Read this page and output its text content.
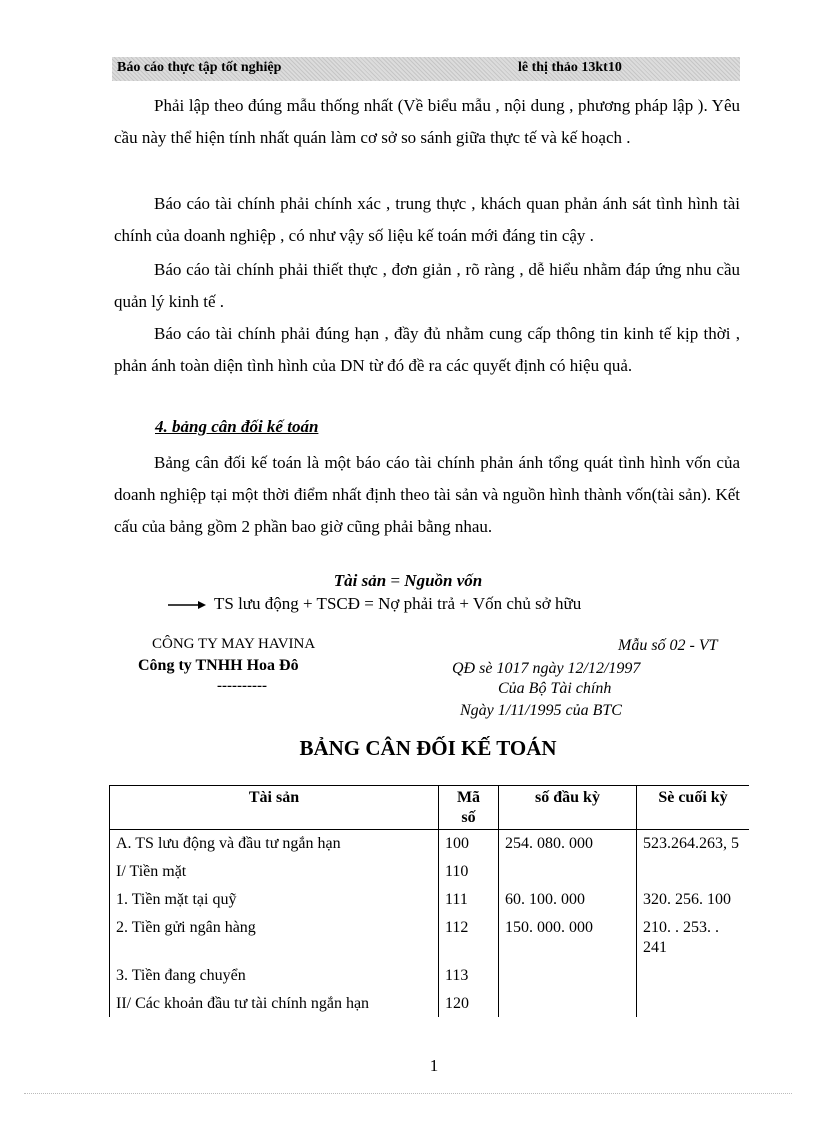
Báo cáo thực tập tốt nghiệp	lê thị thảo 13kt10

Phải lập theo đúng mẫu thống nhất (Về biểu mẫu , nội dung , phương pháp lập ). Yêu cầu này thể hiện tính nhất quán làm cơ sở so sánh giữa thực tế và kế hoạch .

Báo cáo tài chính phải chính xác , trung thực , khách quan phản ánh sát tình hình tài chính của doanh nghiệp , có như vậy số liệu kế toán mới đáng tin cậy .

Báo cáo tài chính phải thiết thực , đơn giản , rõ ràng , dễ hiểu nhằm đáp ứng nhu cầu quản lý kinh tế .

Báo cáo tài chính phải đúng hạn , đầy đủ nhằm cung cấp thông tin kinh tế kịp thời , phản ánh toàn diện tình hình của DN từ đó đề ra các quyết định có hiệu quả.

4. bảng cân đối kế toán

Bảng cân đối kế toán là một báo cáo tài chính phản ánh tổng quát tình hình vốn của doanh nghiệp tại một thời điểm nhất định theo tài sản và nguồn hình thành vốn(tài sản). Kết cấu của bảng gồm 2 phần bao giờ cũng phải bằng nhau.

Tài sản = Nguồn vốn
TS lưu động + TSCĐ = Nợ phải trả + Vốn chủ sở hữu
CÔNG TY MAY HAVINA
Công ty TNHH Hoa Đô
----------
Mẫu số 02 - VT
QĐ sè 1017 ngày 12/12/1997
Của Bộ Tài chính
Ngày 1/11/1995 của BTC
BẢNG CÂN ĐỐI KẾ TOÁN
Tài sản	Mã số	số đầu kỳ	Sè cuối kỳ
A. TS lưu động và đầu tư ngắn hạn	100	254. 080. 000	523.264.263, 5
I/ Tiền mặt	110		
1. Tiền mặt tại quỹ	111	60. 100. 000	320. 256. 100
2. Tiền gửi ngân hàng	112	150. 000. 000	210. . 253. . 241
3. Tiền đang chuyển	113		
II/ Các khoản đầu tư tài chính ngắn hạn	120		
1
